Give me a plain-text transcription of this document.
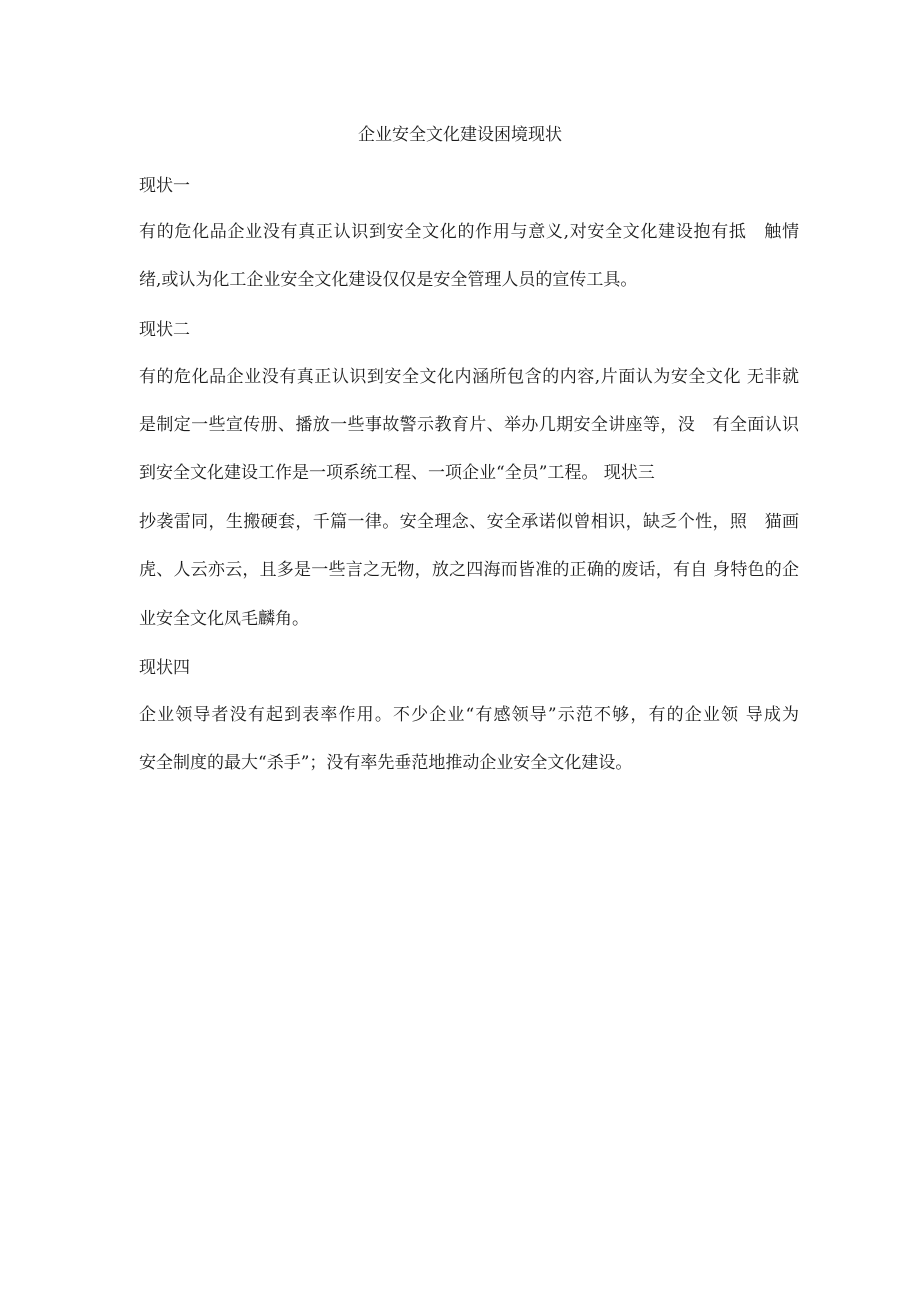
企业安全文化建设困境现状
现状一
有的危化品企业没有真正认识到安全文化的作用与意义,对安全文化建设抱有抵　触情
绪,或认为化工企业安全文化建设仅仅是安全管理人员的宣传工具。
现状二
有的危化品企业没有真正认识到安全文化内涵所包含的内容,片面认为安全文化 无非就
是制定一些宣传册、播放一些事故警示教育片、举办几期安全讲座等，没　有全面认识
到安全文化建设工作是一项系统工程、一项企业“全员”工程。 现状三
抄袭雷同，生搬硬套，千篇一律。安全理念、安全承诺似曾相识，缺乏个性，照　猫画
虎、人云亦云，且多是一些言之无物，放之四海而皆准的正确的废话，有自 身特色的企
业安全文化凤毛麟角。
现状四
企业领导者没有起到表率作用。不少企业“有感领导”示范不够，有的企业领 导成为
安全制度的最大“杀手”；没有率先垂范地推动企业安全文化建设。
